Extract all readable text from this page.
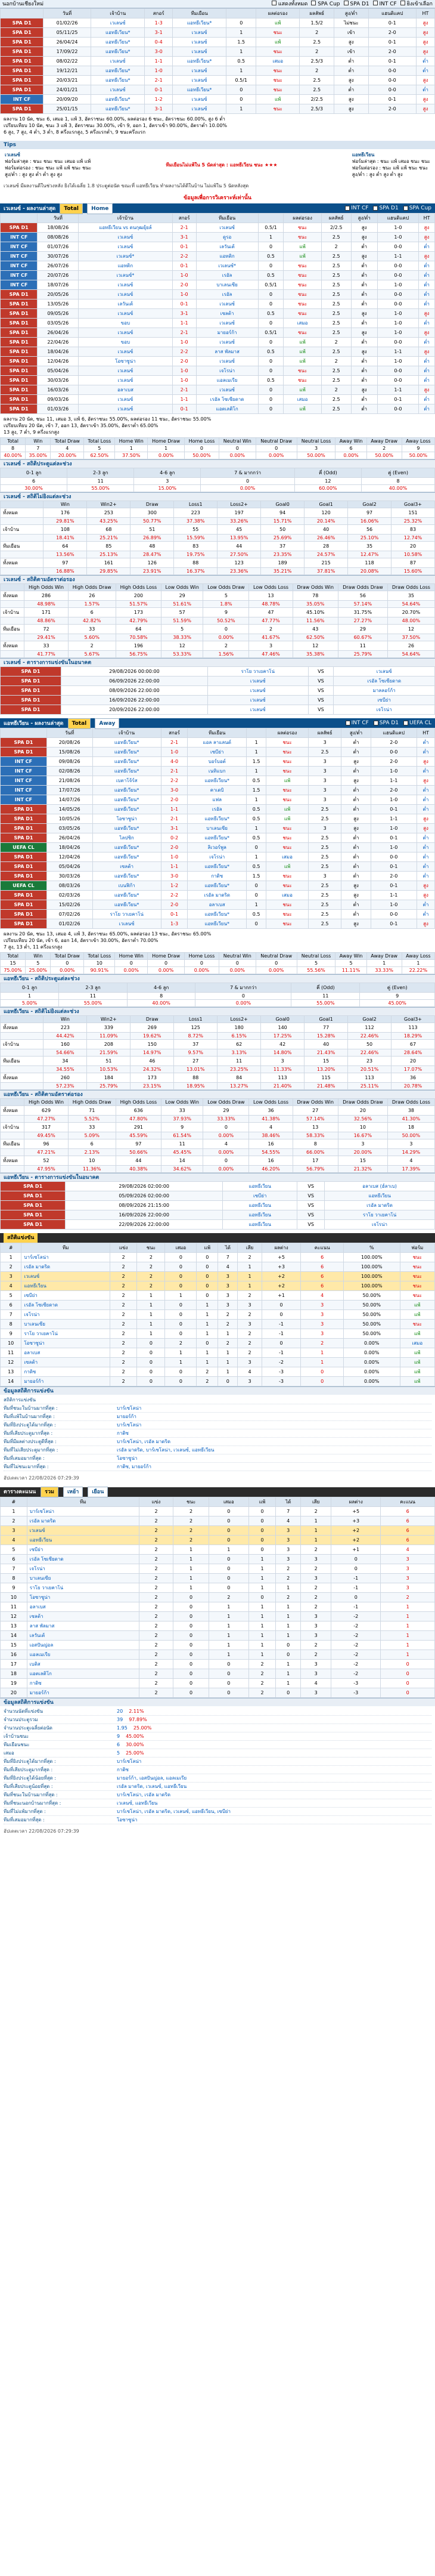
นอกบ้านเชียงใหม่	แสดงทั้งหมด	SPA Cup	SPA D1	INT CF	ยิงเข้าเลือก
	วันที่	เจ้าบ้าน	สกอร์	ทีมเยือน		ผลต่อรอง	ผลลัพธ์	สูง/ต่ำ	แฮนดิแคป	HT
SPA D1	01/02/26	เวเลนซ์	1-3	แอทธีเวียน*	0	แพ้	1.5/2	ไม่ชนะ	0-1	สูง
SPA D1	05/11/25	แอทธีเวียน*	3-1	เวเลนซ์	1	ชนะ	2	เข้า	2-0	สูง
SPA D1	26/04/24	แอทธีเวียน*	0-4	เวเลนซ์	1.5	แพ้	2.5	สูง	0-1	สูง
SPA D1	17/09/22	แอทธีเวียน*	3-0	เวเลนซ์	1	ชนะ	2	เข้า	2-0	สูง
SPA D1	08/02/22	เวเลนซ์	1-1	แอทธีเวียน*	0.5	เสมอ	2.5/3	ต่ำ	0-1	ต่ำ
SPA D1	19/12/21	แอทธีเวียน*	1-0	เวเลนซ์	1	ชนะ	2	ต่ำ	0-0	ต่ำ
SPA D1	20/03/21	แอทธีเวียน*	2-1	เวเลนซ์	0.5/1	ชนะ	2.5	สูง	0-0	สูง
SPA D1	24/01/21	เวเลนซ์	0-1	แอทธีเวียน*	0	ชนะ	2.5	ต่ำ	0-0	ต่ำ
INT CF	20/09/20	แอทธีเวียน*	1-2	เวเลนซ์	0	แพ้	2/2.5	สูง	0-1	สูง
SPA D1	25/01/15	แอทธีเวียน*	3-1	เวเลนซ์	1	ชนะ	2.5/3	สูง	2-0	สูง
ผลงาน 10 นัด, ชนะ 6, เสมอ 1, แพ้ 3, อัตราชนะ 60.00%, ผลต่อรอง 6 ชนะ, อัตราชนะ 60.00%, สูง 6 ต่ำ
เปรียบเทียบ 10 นัด, ชนะ 3 แพ้ 3, อัตราชนะ 30.00%, เข้า 9, ออก 1, อัตราเข้า 90.00%, อัตราต่ำ 10.00%
6 สูง, 7 สูง, 4 ต่ำ, 3 ต่ำ, 8 ครึ่งแรกสูง, 5 ครึ่งแรกต่ำ, 9 ชนะครึ่งแรก
Tips
เวเลนซ์
ฟอร์มล่าสุด : ชนะ ชนะ ชนะ เสมอ แพ้ แพ้
ฟอร์มต่อรอง : ชนะ ชนะ แพ้ แพ้ ชนะ ชนะ
สูง/ต่ำ : สูง สูง ต่ำ ต่ำ สูง สูง
ทีมเยือนไม่แพ้ใน 5 นัดล่าสุด : แอทธีเวียน ชนะ ★★★
แอทธีเวียน
ฟอร์มล่าสุด : ชนะ แพ้ เสมอ ชนะ ชนะ
ฟอร์มต่อรอง : ชนะ แพ้ แพ้ ชนะ ชนะ
สูง/ต่ำ : สูง ต่ำ สูง ต่ำ สูง
เวเลนซ์ มีผลงานดีในช่วงหลัง ยิงได้เฉลี่ย 1.8 ประตูต่อนัด ขณะที่ แอทธีเวียน ทำผลงานได้ดีในบ้าน ไม่แพ้ใน 5 นัดหลังสุด
ข้อมูลเพื่อการวิเคราะห์เท่านั้น
เวเลนซ์ - ผลงานล่าสุด Total Home	INT CF SPA D1 SPA Cup
	วันที่	เจ้าบ้าน	สกอร์	ทีมเยือน		ผลต่อรอง	ผลลัพธ์	สูง/ต่ำ	แฮนดิแคป	HT
SPA D1	18/08/26	แอทธีเวียน vs ดนกุฒยุ้ยล์	2-1	เวเลนซ์	0.5/1	ชนะ	2/2.5	สูง	1-0	สูง
INT CF	08/08/26	เวเลนซ์	3-1	ดูรอ	1	ชนะ	2.5	สูง	1-0	สูง
INT CF	01/07/26	เวเลนซ์	0-1	เลวันเต้	0	แพ้	2	ต่ำ	0-0	ต่ำ
INT CF	30/07/26	เวเลนซ์*	2-2	แอทติก	0.5	แพ้	2.5	สูง	1-1	สูง
INT CF	26/07/26	แอทติก	0-1	เวเลนซ์*	0	ชนะ	2.5	ต่ำ	0-0	ต่ำ
INT CF	20/07/26	เวเลนซ์*	1-0	เรอัล	0.5	ชนะ	2.5	ต่ำ	0-0	ต่ำ
INT CF	18/07/26	เวเลนซ์	2-0	บาเลนเซีย	0.5/1	ชนะ	2.5	ต่ำ	1-0	ต่ำ
SPA D1	20/05/26	เวเลนซ์	1-0	เรอัล	0	ชนะ	2.5	ต่ำ	0-0	ต่ำ
SPA D1	13/05/26	เลวันเต้	0-1	เวเลนซ์	0	ชนะ	2.5	ต่ำ	0-0	ต่ำ
SPA D1	09/05/26	เวเลนซ์	3-1	เซลต้า	0.5	ชนะ	2.5	สูง	1-0	สูง
SPA D1	03/05/26	ขอบ	1-1	เวเลนซ์	0	เสมอ	2.5	ต่ำ	1-0	ต่ำ
SPA D1	26/04/26	เวเลนซ์	2-1	มายอร์ก้า	0.5/1	ชนะ	2.5	สูง	1-0	สูง
SPA D1	22/04/26	ขอบ	1-0	เวเลนซ์	0	แพ้	2	ต่ำ	0-0	ต่ำ
SPA D1	18/04/26	เวเลนซ์	2-2	ลาส พัลมาส	0.5	แพ้	2.5	สูง	1-1	สูง
SPA D1	12/04/26	โอซาซูน่า	2-0	เวเลนซ์	0	แพ้	2	ต่ำ	1-0	ต่ำ
SPA D1	05/04/26	เวเลนซ์	1-0	เจโรน่า	0	ชนะ	2.5	ต่ำ	0-0	ต่ำ
SPA D1	30/03/26	เวเลนซ์	1-0	แอลเมเรีย	0.5	ชนะ	2.5	ต่ำ	0-0	ต่ำ
SPA D1	16/03/26	อลาเบส	2-1	เวเลนซ์	0	แพ้	2	สูง	1-1	สูง
SPA D1	09/03/26	เวเลนซ์	1-1	เรอัล โซเซียดาด	0	เสมอ	2.5	ต่ำ	0-1	ต่ำ
SPA D1	01/03/26	เวเลนซ์	0-1	แอตเลติโก	0	แพ้	2.5	ต่ำ	0-0	ต่ำ
ผลงาน 20 นัด, ชนะ 11, เสมอ 3, แพ้ 6, อัตราชนะ 55.00%, ผลต่อรอง 11 ชนะ, อัตราชนะ 55.00%
เปรียบเทียบ 20 นัด, เข้า 7, ออก 13, อัตราเข้า 35.00%, อัตราต่ำ 65.00%
13 สูง, 7 ต่ำ, 9 ครึ่งแรกสูง
Total	Win	Total Draw	Total Loss	Home Win	Home Draw	Home Loss	Neutral Win	Neutral Draw	Neutral Loss	Away Win	Away Draw	Away Loss
8	7	4	5	1	1	0	0	0	3	6	2	9
40.00%	35.00%	20.00%	62.50%	37.50%	0.00%	50.00%	0.00%	0.00%	50.00%	0.00%	50.00%	50.00%
เวเลนซ์ - สถิติประตูแต่ละช่วง
0-1 ลูก	2-3 ลูก	4-6 ลูก	7 & มากกว่า	คี่ (Odd)	คู่ (Even)
6	11	3	0	12	8
30.00%	55.00%	15.00%	0.00%	60.00%	40.00%
เวเลนซ์ - สถิติไม่ยิงแต่ละช่วง
	Win	Win2+	Draw	Loss1	Loss2+	Goal0	Goal1	Goal2	Goal3+
ทั้งหมด	176	253	300	223	197	94	120	97	151
	29.81%	43.25%	50.77%	37.38%	33.26%	15.71%	20.14%	16.06%	25.32%
เจ้าบ้าน	108	68	51	55	45	50	40	56	83
	18.41%	25.21%	26.89%	15.59%	13.95%	25.69%	26.46%	25.10%	12.74%
ทีมเยือน	64	85	48	83	44	37	28	35	20
	13.56%	25.13%	28.47%	19.75%	27.50%	23.35%	24.57%	12.47%	10.58%
ทั้งหมด	97	161	126	88	123	189	215	118	87
	16.88%	29.85%	23.91%	16.37%	23.36%	35.21%	37.81%	20.08%	15.60%
เวเลนซ์ - สถิติตามอัตราต่อรอง
	High Odds Win	High Odds Draw	High Odds Loss	Low Odds Win	Low Odds Draw	Low Odds Loss	Draw Odds Win	Draw Odds Draw	Draw Odds Loss
ทั้งหมด	286	26	200	29	5	13	78	56	35
	48.98%	1.57%	51.57%	51.61%	1.8%	48.78%	35.05%	57.14%	54.64%
เจ้าบ้าน	171	6	173	57	9	47	45.10%	31.75%	20.70%
	48.86%	42.82%	42.79%	51.59%	50.52%	47.77%	11.56%	27.27%	48.00%
ทีมเยือน	72	33	64	5	0	2	43	29	12
	29.41%	5.60%	70.58%	38.33%	0.00%	41.67%	62.50%	60.67%	37.50%
ทั้งหมด	33	2	196	12	2	3	12	11	26
	41.77%	5.67%	56.75%	53.33%	1.56%	47.46%	35.38%	25.79%	54.64%
เวเลนซ์ - ตารางการแข่งขันในอนาคต
SPA D1	29/08/2026 00:00:00	ราโย วาเยคาโน่	VS	เวเลนซ์
SPA D1	06/09/2026 22:00:00	เวเลนซ์	VS	เรอัล โซเซียดาด
SPA D1	08/09/2026 22:00:00	เวเลนซ์	VS	มาลลอร์ก้า
SPA D1	16/09/2026 22:00:00	เวเลนซ์	VS	เซบีย่า
SPA D1	20/09/2026 22:00:00	เวเลนซ์	VS	เจโรน่า
แอทธีเวียน - ผลงานล่าสุด Total Away	INT CF SPA D1 UEFA CL
	วันที่	เจ้าบ้าน	สกอร์	ทีมเยือน		ผลต่อรอง	ผลลัพธ์	สูง/ต่ำ	แฮนดิแคป	HT
SPA D1	20/08/26	แอทธีเวียน*	2-1	แอล ลาแลนด์	1	ชนะ	3	ต่ำ	2-0	ต่ำ
SPA D1	15/08/26	แอทธีเวียน*	1-0	เซบีย่า	1	ชนะ	2.5	ต่ำ	0-0	ต่ำ
INT CF	09/08/26	แอทธีเวียน*	4-0	บอร์บอต์	1.5	ชนะ	3	สูง	2-0	สูง
INT CF	02/08/26	แอทธีเวียน*	2-1	เนทิแบก	1	ชนะ	3	ต่ำ	1-0	ต่ำ
INT CF	21/08/26	เบตาโจ้ร์ส	2-2	แอทธีเวียน*	0.5	แพ้	3	สูง	1-1	สูง
INT CF	17/07/26	แอทธีเวียน*	3-0	คาเดบิ	1.5	ชนะ	3	ต่ำ	2-0	ต่ำ
INT CF	14/07/26	แอทธีเวียน*	2-0	แฟล	1	ชนะ	3	ต่ำ	1-0	ต่ำ
SPA D1	14/05/26	แอทธีเวียน*	1-1	เรอัล	0.5	แพ้	2.5	ต่ำ	0-1	ต่ำ
SPA D1	10/05/26	โอซาซูน่า	2-1	แอทธีเวียน*	0.5	แพ้	2.5	สูง	1-1	สูง
SPA D1	03/05/26	แอทธีเวียน*	3-1	บาเลนเซีย	1	ชนะ	3	สูง	1-0	สูง
SPA D1	26/04/26	ไลปซิก	0-2	แอทธีเวียน*	0.5	ชนะ	2.5	ต่ำ	0-1	ต่ำ
UEFA CL	18/04/26	แอทธีเวียน*	2-0	ลิเวอร์พูล	0	ชนะ	2.5	ต่ำ	1-0	ต่ำ
SPA D1	12/04/26	แอทธีเวียน*	1-0	เจโรน่า	1	เสมอ	2.5	ต่ำ	0-0	ต่ำ
SPA D1	05/04/26	เซลต้า	1-1	แอทธีเวียน*	0.5	แพ้	2.5	ต่ำ	0-1	ต่ำ
SPA D1	30/03/26	แอทธีเวียน*	3-0	กาดิซ	1.5	ชนะ	3	ต่ำ	2-0	ต่ำ
UEFA CL	08/03/26	เบนฟิก้า	1-2	แอทธีเวียน*	0	ชนะ	2.5	สูง	0-1	สูง
SPA D1	02/03/26	แอทธีเวียน*	2-2	เรอัล มาดริด	0	เสมอ	2.5	สูง	1-1	สูง
SPA D1	15/02/26	แอทธีเวียน*	2-0	อลาเบส	1	ชนะ	2.5	ต่ำ	1-0	ต่ำ
SPA D1	07/02/26	ราโย วาเยคาโน่	0-1	แอทธีเวียน*	0.5	ชนะ	2.5	ต่ำ	0-0	ต่ำ
SPA D1	01/02/26	เวเลนซ์	1-3	แอทธีเวียน*	0	ชนะ	2.5	สูง	0-1	สูง
ผลงาน 20 นัด, ชนะ 13, เสมอ 4, แพ้ 3, อัตราชนะ 65.00%, ผลต่อรอง 13 ชนะ, อัตราชนะ 65.00%
เปรียบเทียบ 20 นัด, เข้า 6, ออก 14, อัตราเข้า 30.00%, อัตราต่ำ 70.00%
7 สูง, 13 ต่ำ, 11 ครึ่งแรกสูง
Total	Win	Total Draw	Total Loss	Home Win	Home Draw	Home Loss	Neutral Win	Neutral Draw	Neutral Loss	Away Win	Away Draw	Away Loss
15	5	0	10	0	0	0	0	0	5	5	1	1
75.00%	25.00%	0.00%	90.91%	0.00%	0.00%	0.00%	0.00%	0.00%	55.56%	11.11%	33.33%	22.22%
แอทธีเวียน - สถิติประตูแต่ละช่วง
0-1 ลูก	2-3 ลูก	4-6 ลูก	7 & มากกว่า	คี่ (Odd)	คู่ (Even)
1	11	8	0	11	9
5.00%	55.00%	40.00%	0.00%	55.00%	45.00%
แอทธีเวียน - สถิติไม่ยิงแต่ละช่วง
	Win	Win2+	Draw	Loss1	Loss2+	Goal0	Goal1	Goal2	Goal3+
ทั้งหมด	223	339	269	125	180	140	77	112	113
	44.42%	11.09%	19.62%	8.72%	6.15%	17.25%	15.28%	22.46%	18.29%
เจ้าบ้าน	160	208	150	37	62	42	40	50	67
	54.66%	21.59%	14.97%	9.57%	3.13%	14.80%	21.43%	22.46%	28.64%
ทีมเยือน	34	51	46	27	11	3	15	23	20
	34.55%	10.53%	24.32%	13.01%	23.25%	11.33%	13.20%	20.51%	17.07%
ทั้งหมด	260	184	173	88	84	113	115	113	36
	57.23%	25.79%	23.15%	18.95%	13.27%	21.40%	21.48%	25.11%	20.78%
แอทธีเวียน - สถิติตามอัตราต่อรอง
	High Odds Win	High Odds Draw	High Odds Loss	Low Odds Win	Low Odds Draw	Low Odds Loss	Draw Odds Win	Draw Odds Draw	Draw Odds Loss
ทั้งหมด	629	71	636	33	29	36	27	20	38
	47.27%	5.52%	47.80%	37.93%	33.33%	41.38%	57.14%	32.56%	41.30%
เจ้าบ้าน	317	33	291	9	0	4	13	10	18
	49.45%	5.09%	45.59%	61.54%	0.00%	38.46%	58.33%	16.67%	50.00%
ทีมเยือน	96	6	97	11	4	16	8	3	3
	47.21%	2.13%	50.66%	45.45%	0.00%	54.55%	66.00%	20.00%	14.29%
ทั้งหมด	52	10	44	14	0	16	17	15	4
	47.95%	11.36%	40.38%	34.62%	0.00%	46.20%	56.79%	21.32%	17.39%
แอทธีเวียน - ตารางการแข่งขันในอนาคต
SPA D1	29/08/2026 02:00:00	แอทธีเวียน	VS	อลาเบส (ฮ์ลาเบ)
SPA D1	05/09/2026 02:00:00	เซบีย่า	VS	แอทธีเวียน
SPA D1	08/09/2026 21:15:00	แอทธีเวียน	VS	เรอัล มาดริด
SPA D1	16/09/2026 22:00:00	แอทธีเวียน	VS	ราโย วาเยคาโน่
SPA D1	22/09/2026 22:00:00	แอทธีเวียน	VS	เจโรน่า
สถิติแข่งขัน
#	ทีม	แข่ง	ชนะ	เสมอ	แพ้	ได้	เสีย	ผลต่าง	คะแนน	%	ฟอร์ม
1	บาร์เซโลน่า	2	2	0	0	7	2	+5	6	100.00%	ชนะ
2	เรอัล มาดริด	2	2	0	0	4	1	+3	6	100.00%	ชนะ
3	เวเลนซ์	2	2	0	0	3	1	+2	6	100.00%	ชนะ
4	แอทธีเวียน	2	2	0	0	3	1	+2	6	100.00%	ชนะ
5	เซบีย่า	2	1	1	0	3	2	+1	4	50.00%	ชนะ
6	เรอัล โซเซียดาด	2	1	0	1	3	3	0	3	50.00%	แพ้
7	เจโรน่า	2	1	0	1	2	2	0	3	50.00%	แพ้
8	บาเลนเซีย	2	1	0	1	2	3	-1	3	50.00%	ชนะ
9	ราโย วาเยคาโน่	2	1	0	1	1	2	-1	3	50.00%	แพ้
10	โอซาซูน่า	2	0	2	0	2	2	0	2	0.00%	เสมอ
11	อลาเบส	2	0	1	1	1	2	-1	1	0.00%	แพ้
12	เซลต้า	2	0	1	1	1	3	-2	1	0.00%	แพ้
13	กาดิซ	2	0	0	2	1	4	-3	0	0.00%	แพ้
14	มายอร์ก้า	2	0	0	2	0	3	-3	0	0.00%	แพ้
ข้อมูลสถิติการแข่งขัน
สถิติการแข่งขัน
ทีมที่ชนะในบ้านมากที่สุด :	บาร์เซโลน่า
ทีมที่แพ้ในบ้านมากที่สุด :	มายอร์ก้า
ทีมที่ยิงประตูได้มากที่สุด :	บาร์เซโลน่า
ทีมที่เสียประตูมากที่สุด :	กาดิซ
ทีมที่มีผลต่างประตูดีที่สุด :	บาร์เซโลน่า, เรอัล มาดริด
ทีมที่ไม่เสียประตูมากที่สุด :	เรอัล มาดริด, บาร์เซโลน่า, เวเลนซ์, แอทธีเวียน
ทีมที่เสมอมากที่สุด :	โอซาซูน่า
ทีมที่ไม่ชนะมากที่สุด :	กาดิซ, มายอร์ก้า
อัปเดตเวลา 22/08/2026 07:29:39
ตารางคะแนน	รวม	เหย้า	เยือน
#	ทีม	แข่ง	ชนะ	เสมอ	แพ้	ได้	เสีย	ผลต่าง	คะแนน
1	บาร์เซโลน่า	2	2	0	0	7	2	+5	6
2	เรอัล มาดริด	2	2	0	0	4	1	+3	6
3	เวเลนซ์	2	2	0	0	3	1	+2	6
4	แอทธีเวียน	2	2	0	0	3	1	+2	6
5	เซบีย่า	2	1	1	0	3	2	+1	4
6	เรอัล โซเซียดาด	2	1	0	1	3	3	0	3
7	เจโรน่า	2	1	0	1	2	2	0	3
8	บาเลนเซีย	2	1	0	1	2	3	-1	3
9	ราโย วาเยคาโน่	2	1	0	1	1	2	-1	3
10	โอซาซูน่า	2	0	2	0	2	2	0	2
11	อลาเบส	2	0	1	1	1	2	-1	1
12	เซลต้า	2	0	1	1	1	3	-2	1
13	ลาส พัลมาส	2	0	1	1	1	3	-2	1
14	เลวันเต้	2	0	1	1	1	3	-2	1
15	เอสปันญ่อล	2	0	1	1	0	2	-2	1
16	แอลเมเรีย	2	0	1	1	0	2	-2	1
17	เบติส	2	0	0	2	1	3	-2	0
18	แอตเลติโก	2	0	0	2	1	3	-2	0
19	กาดิซ	2	0	0	2	1	4	-3	0
20	มายอร์ก้า	2	0	0	2	0	3	-3	0
ข้อมูลสถิติการแข่งขัน
จำนวนนัดที่แข่งขัน	20 2.11%
จำนวนประตูรวม	39 97.89%
จำนวนประตูเฉลี่ยต่อนัด	1.95 25.00%
เจ้าบ้านชนะ	9 45.00%
ทีมเยือนชนะ	6 30.00%
เสมอ	5 25.00%
ทีมที่ยิงประตูได้มากที่สุด :	บาร์เซโลน่า
ทีมที่เสียประตูมากที่สุด :	กาดิซ
ทีมที่ยิงประตูได้น้อยที่สุด :	มายอร์ก้า, เอสปันญ่อล, แอลเมเรีย
ทีมที่เสียประตูน้อยที่สุด :	เรอัล มาดริด, เวเลนซ์, แอทธีเวียน
ทีมที่ชนะในบ้านมากที่สุด :	บาร์เซโลน่า, เรอัล มาดริด
ทีมที่ชนะนอกบ้านมากที่สุด :	เวเลนซ์, แอทธีเวียน
ทีมที่ไม่แพ้มากที่สุด :	บาร์เซโลน่า, เรอัล มาดริด, เวเลนซ์, แอทธีเวียน, เซบีย่า
ทีมที่เสมอมากที่สุด :	โอซาซูน่า
อัปเดตเวลา 22/08/2026 07:29:39
